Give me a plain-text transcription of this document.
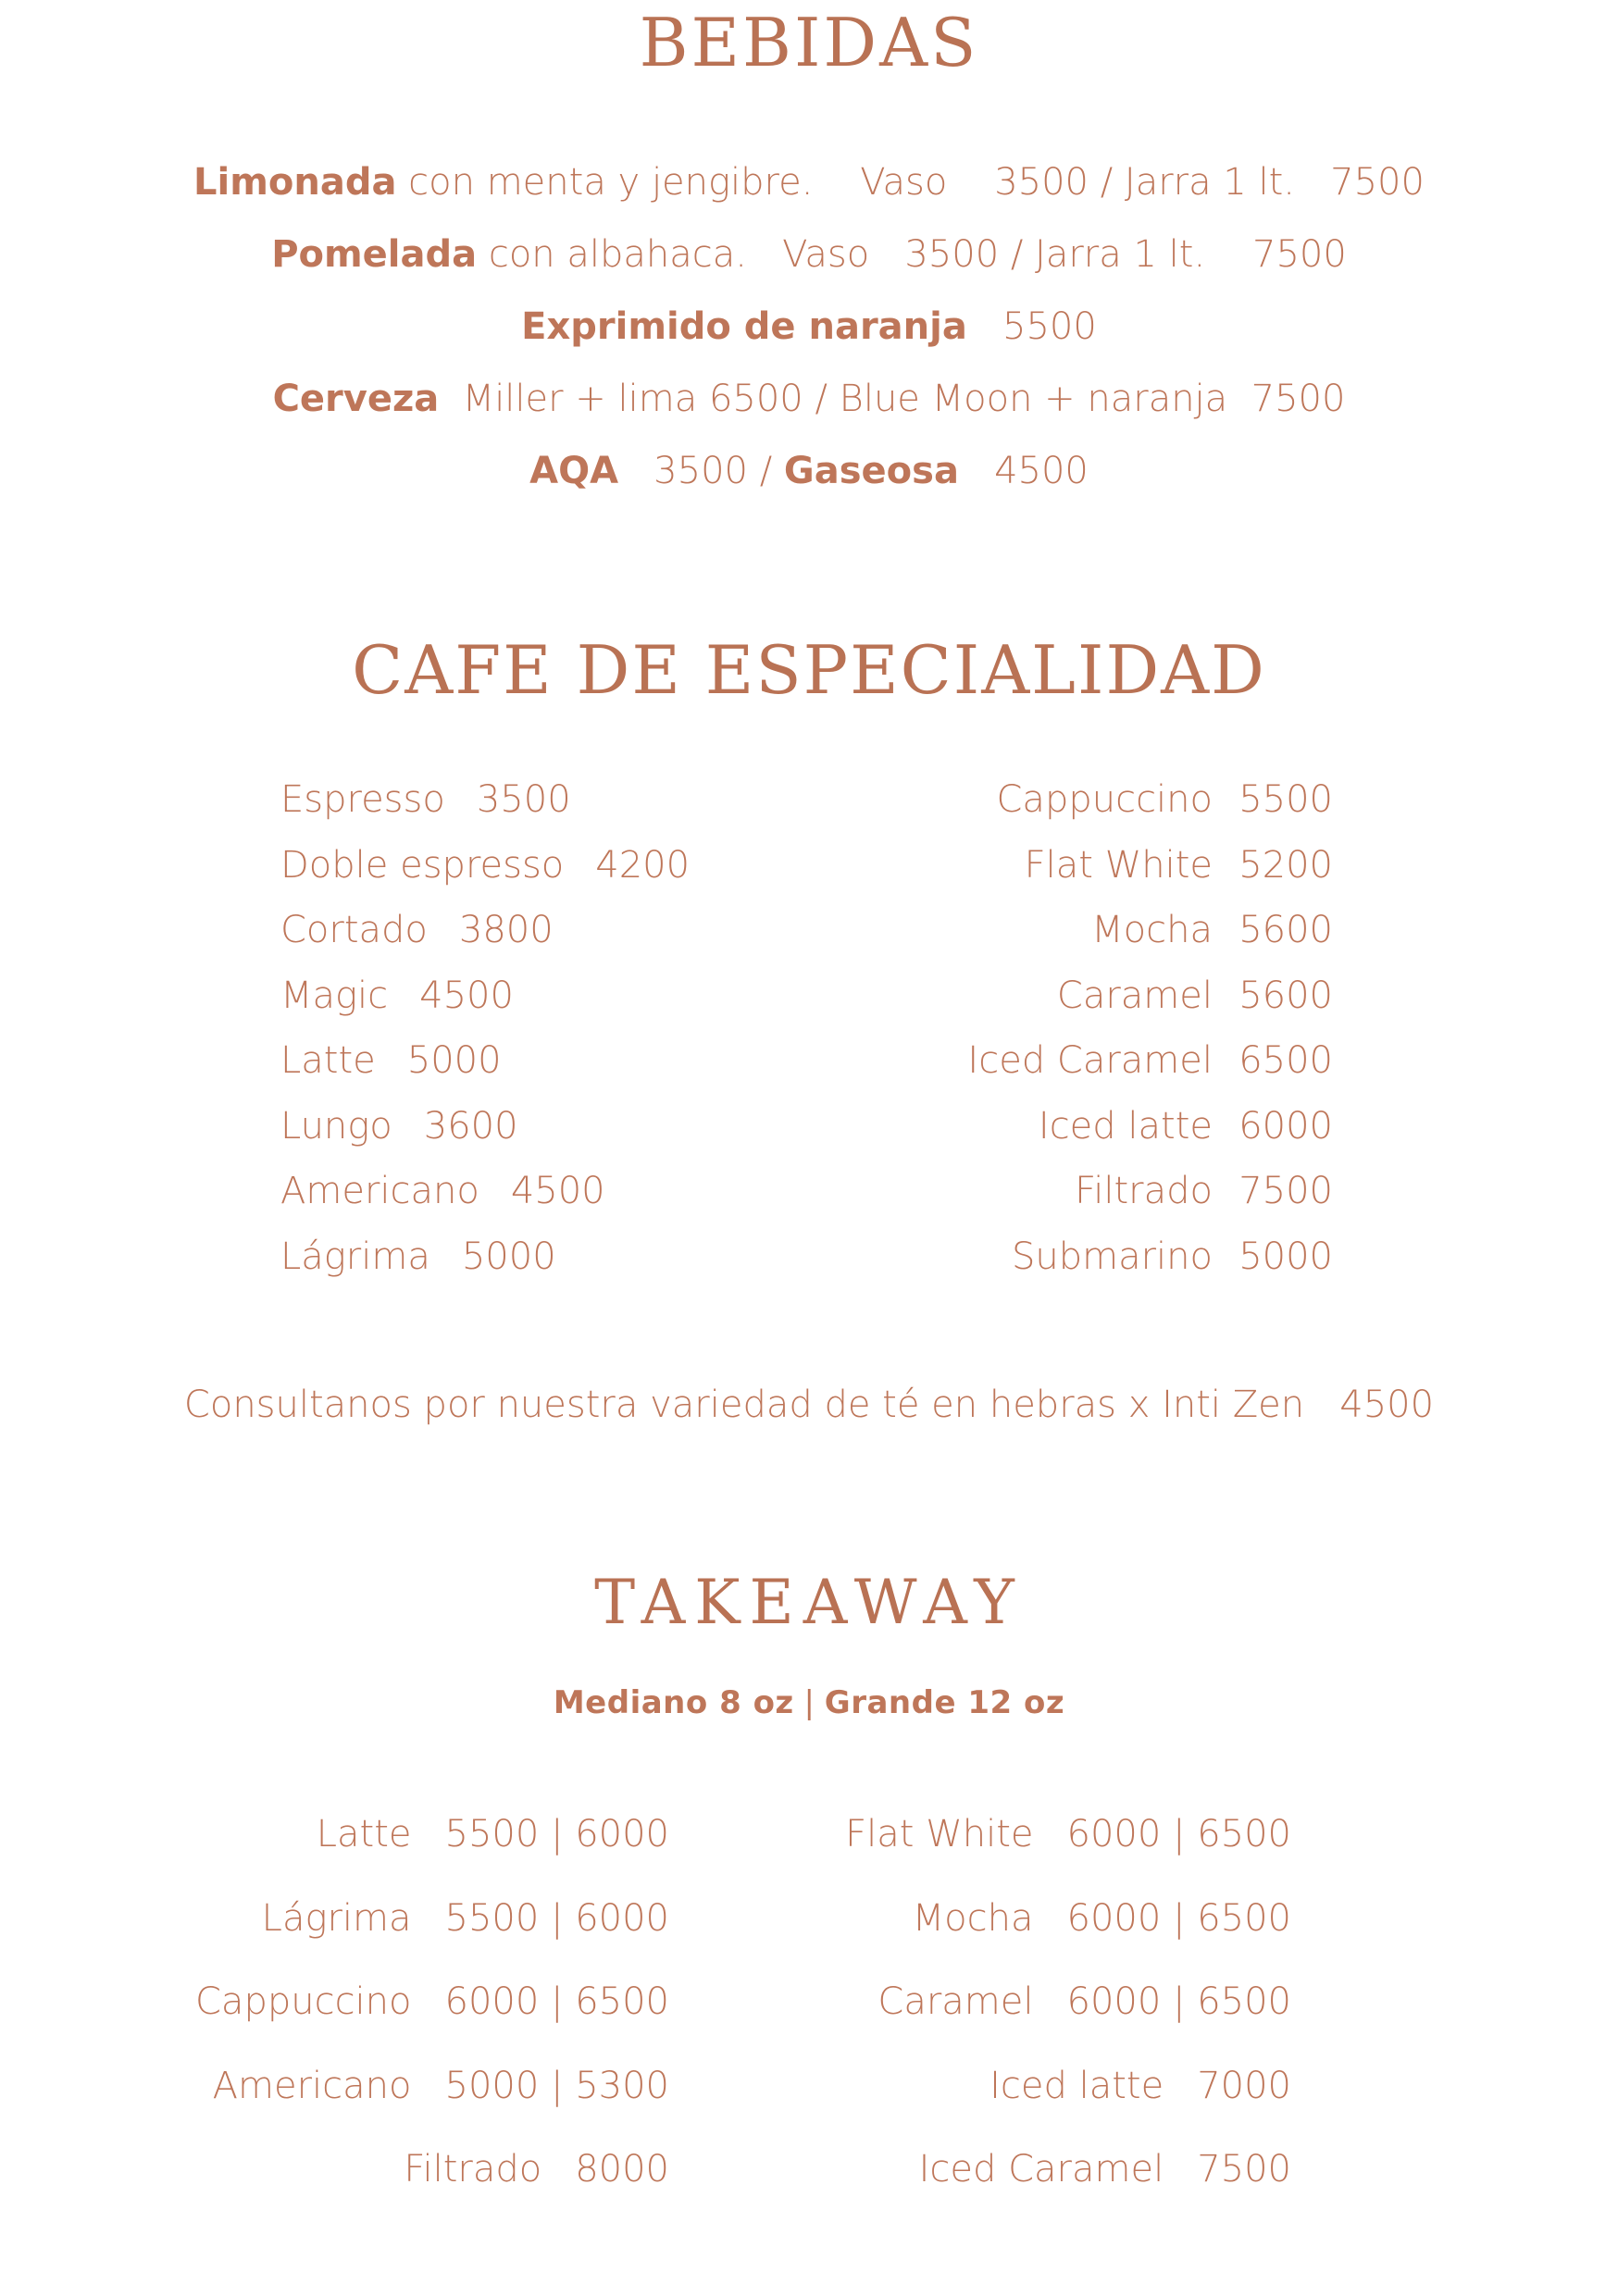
BEBIDAS
Limonada con menta y jengibre.    Vaso    3500 / Jarra 1 lt.   7500
Pomelada con albahaca.   Vaso   3500 / Jarra 1 lt.    7500
Exprimido de naranja   5500
Cerveza  Miller + lima 6500 / Blue Moon + naranja  7500
AQA   3500 / Gaseosa   4500
CAFE DE ESPECIALIDAD
Espresso 3500
Doble espresso 4200
Cortado 3800
Magic 4500
Latte 5000
Lungo 3600
Americano 4500
Lágrima 5000
Cappuccino 5500
Flat White 5200
Mocha 5600
Caramel 5600
Iced Caramel 6500
Iced latte 6000
Filtrado 7500
Submarino 5000
Consultanos por nuestra variedad de té en hebras x Inti Zen   4500
TAKEAWAY
Mediano 8 oz | Grande 12 oz
Latte 5500 | 6000
Lágrima 5500 | 6000
Cappuccino 6000 | 6500
Americano 5000 | 5300
Filtrado 8000
Flat White 6000 | 6500
Mocha 6000 | 6500
Caramel 6000 | 6500
Iced latte 7000
Iced Caramel 7500
